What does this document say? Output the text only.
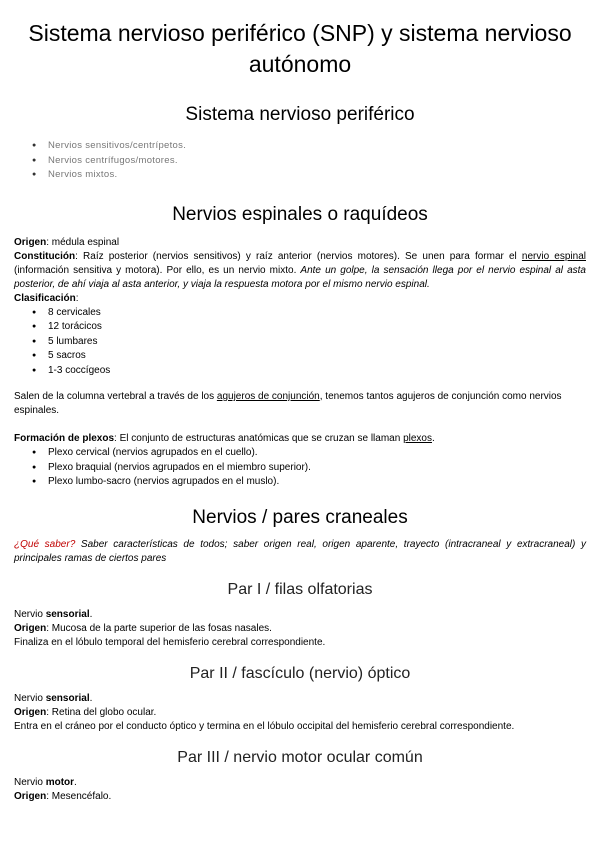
Sistema nervioso periférico (SNP) y sistema nervioso autónomo
Sistema nervioso periférico
● Nervios sensitivos/centrípetos.
● Nervios centrífugos/motores.
● Nervios mixtos.
Nervios espinales o raquídeos

Origen: médula espinal

Constitución: Raíz posterior (nervios sensitivos) y raíz anterior (nervios motores). Se unen para formar el nervio espinal (información sensitiva y motora). Por ello, es un nervio mixto. Ante un golpe, la sensación llega por el nervio espinal al asta posterior, de ahí viaja al asta anterior, y viaja la respuesta motora por el mismo nervio espinal.

Clasificación:

● 8 cervicales
● 12 torácicos
● 5 lumbares
● 5 sacros
● 1-3 coccígeos

Salen de la columna vertebral a través de los agujeros de conjunción, tenemos tantos agujeros de conjunción como nervios espinales.

Formación de plexos: El conjunto de estructuras anatómicas que se cruzan se llaman plexos.

● Plexo cervical (nervios agrupados en el cuello).
● Plexo braquial (nervios agrupados en el miembro superior).
● Plexo lumbo-sacro (nervios agrupados en el muslo).
Nervios / pares craneales

¿Qué saber? Saber características de todos; saber origen real, origen aparente, trayecto (intracraneal y extracraneal) y principales ramas de ciertos pares

Par I / filas olfatorias

Nervio sensorial.

Origen: Mucosa de la parte superior de las fosas nasales.

Finaliza en el lóbulo temporal del hemisferio cerebral correspondiente.

Par II / fascículo (nervio) óptico

Nervio sensorial.

Origen: Retina del globo ocular.

Entra en el cráneo por el conducto óptico y termina en el lóbulo occipital del hemisferio cerebral correspondiente.

Par III / nervio motor ocular común

Nervio motor.

Origen: Mesencéfalo.
